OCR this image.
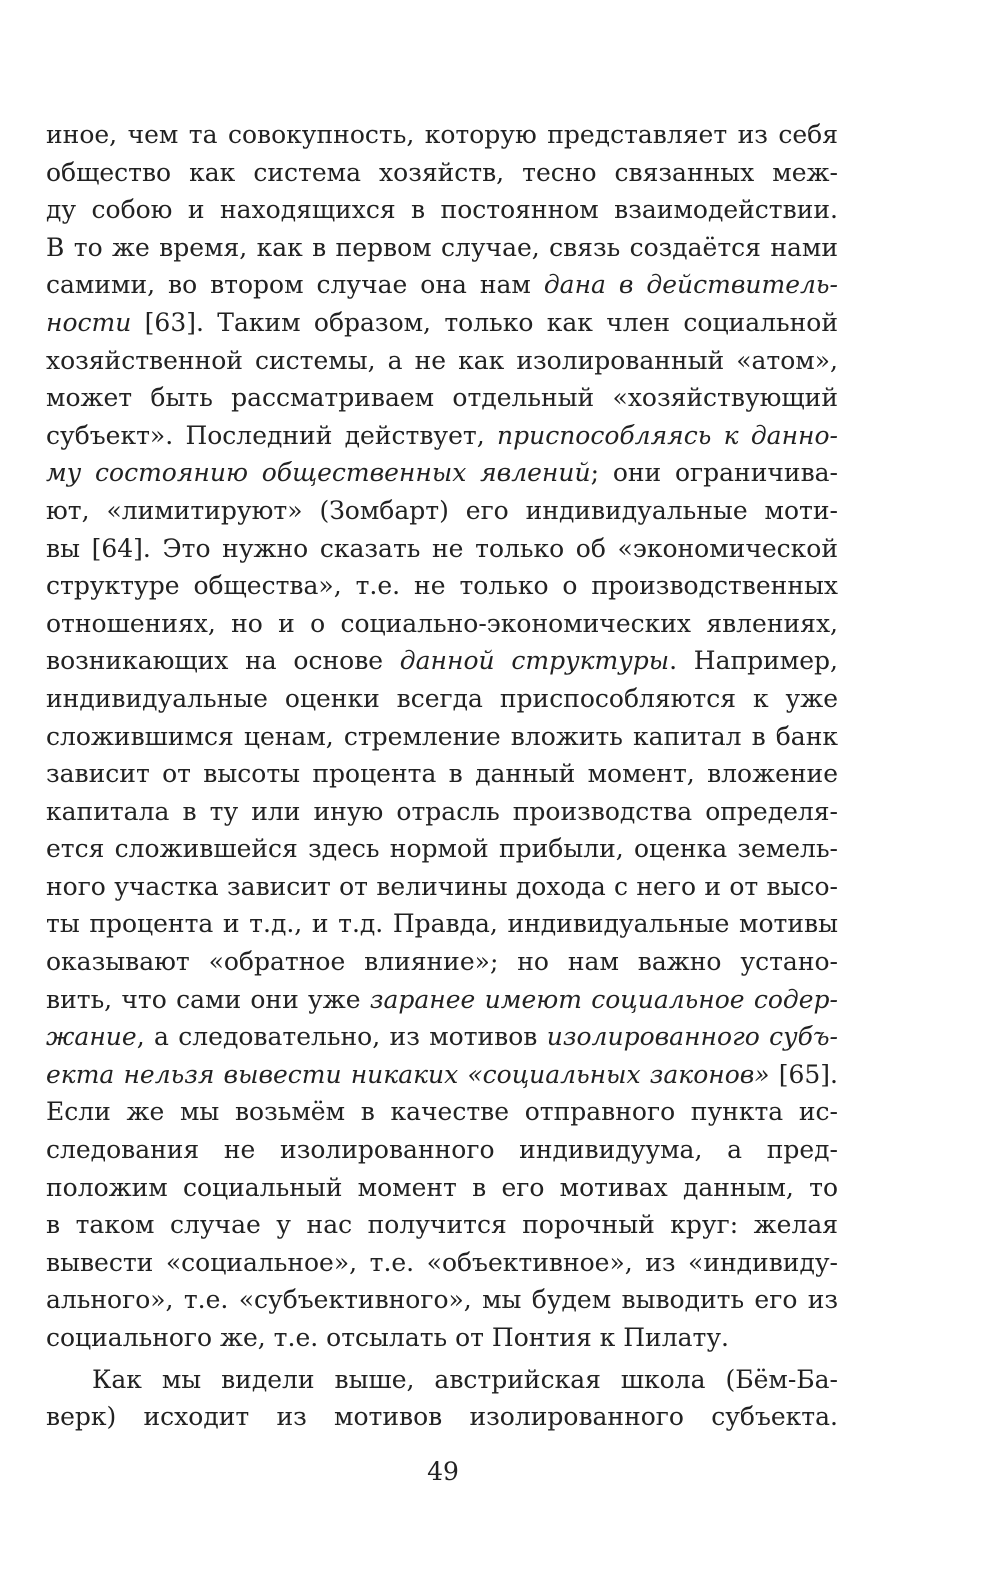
иное, чем та совокупность, которую представляет из себя
общество как система хозяйств, тесно связанных меж-
ду собою и находящихся в постоянном взаимодействии.
В то же время, как в первом случае, связь создаётся нами
самими, во втором случае она нам дана в действитель-
ности [63]. Таким образом, только как член социальной
хозяйственной системы, а не как изолированный «атом»,
может быть рассматриваем отдельный «хозяйствующий
субъект». Последний действует, приспособляясь к данно-
му состоянию общественных явлений; они ограничива-
ют, «лимитируют» (Зомбарт) его индивидуальные моти-
вы [64]. Это нужно сказать не только об «экономической
структуре общества», т.е. не только о производственных
отношениях, но и о социально-экономических явлениях,
возникающих на основе данной структуры. Например,
индивидуальные оценки всегда приспособляются к уже
сложившимся ценам, стремление вложить капитал в банк
зависит от высоты процента в данный момент, вложение
капитала в ту или иную отрасль производства определя-
ется сложившейся здесь нормой прибыли, оценка земель-
ного участка зависит от величины дохода с него и от высо-
ты процента и т.д., и т.д. Правда, индивидуальные мотивы
оказывают «обратное влияние»; но нам важно устано-
вить, что сами они уже заранее имеют социальное содер-
жание, а следовательно, из мотивов изолированного субъ-
екта нельзя вывести никаких «социальных законов» [65].
Если же мы возьмём в качестве отправного пункта ис-
следования не изолированного индивидуума, а пред-
положим социальный момент в его мотивах данным, то
в таком случае у нас получится порочный круг: желая
вывести «социальное», т.е. «объективное», из «индивиду-
ального», т.е. «субъективного», мы будем выводить его из
социального же, т.е. отсылать от Понтия к Пилату.
Как мы видели выше, австрийская школа (Бём-Ба-
верк) исходит из мотивов изолированного субъекта.
49
